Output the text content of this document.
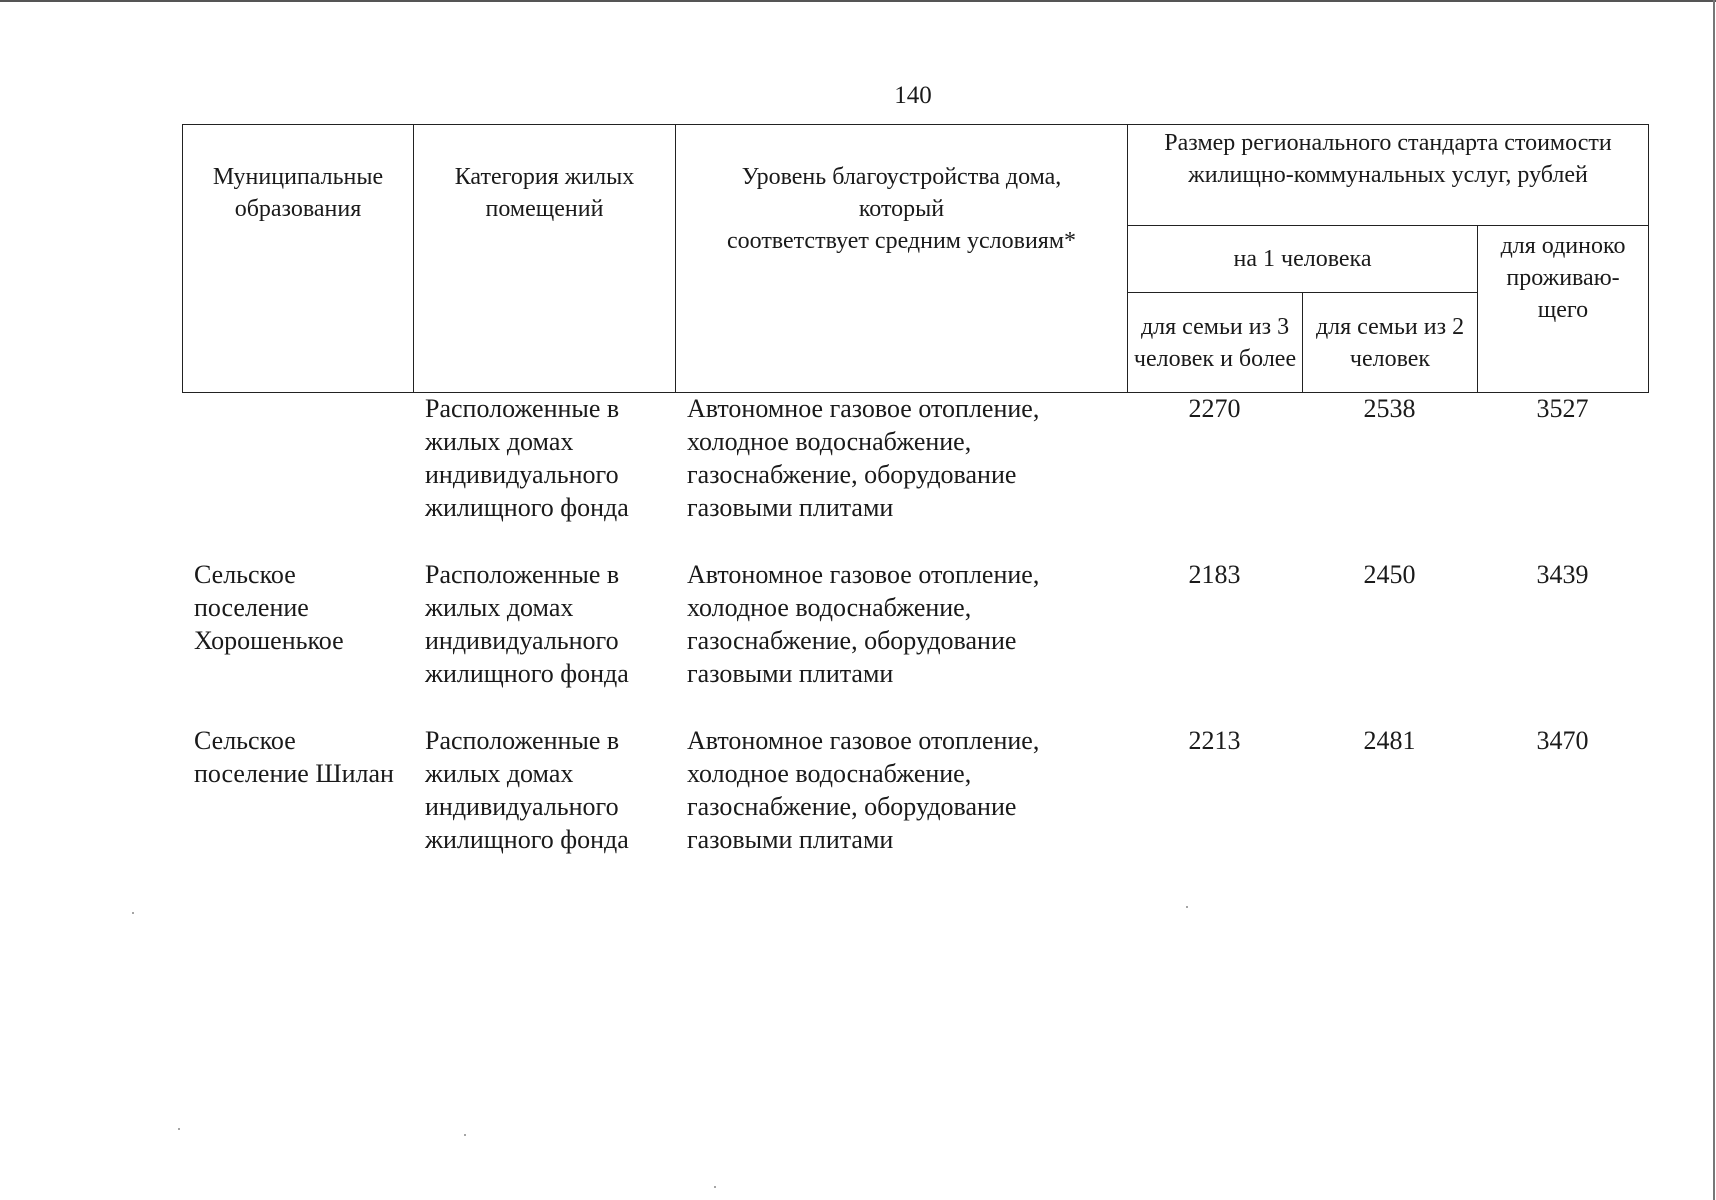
140
Муниципальные образования	Категория жилых помещений	Уровень благоустройства дома, который
соответствует средним условиям*	Размер регионального стандарта стоимости жилищно-коммунальных услуг, рублей		
			на 1 человека		для одиноко проживаю-щего
			для семьи из 3 человек и более	для семьи из 2 человек	
	Расположенные в жилых домах индивидуального жилищного фонда	Автономное газовое отопление, холодное водоснабжение, газоснабжение, оборудование газовыми плитами	2270	2538	3527
Сельское поселение Хорошенькое	Расположенные в жилых домах индивидуального жилищного фонда	Автономное газовое отопление, холодное водоснабжение, газоснабжение, оборудование газовыми плитами	2183	2450	3439
Сельское поселение Шилан	Расположенные в жилых домах индивидуального жилищного фонда	Автономное газовое отопление, холодное водоснабжение, газоснабжение, оборудование газовыми плитами	2213	2481	3470
